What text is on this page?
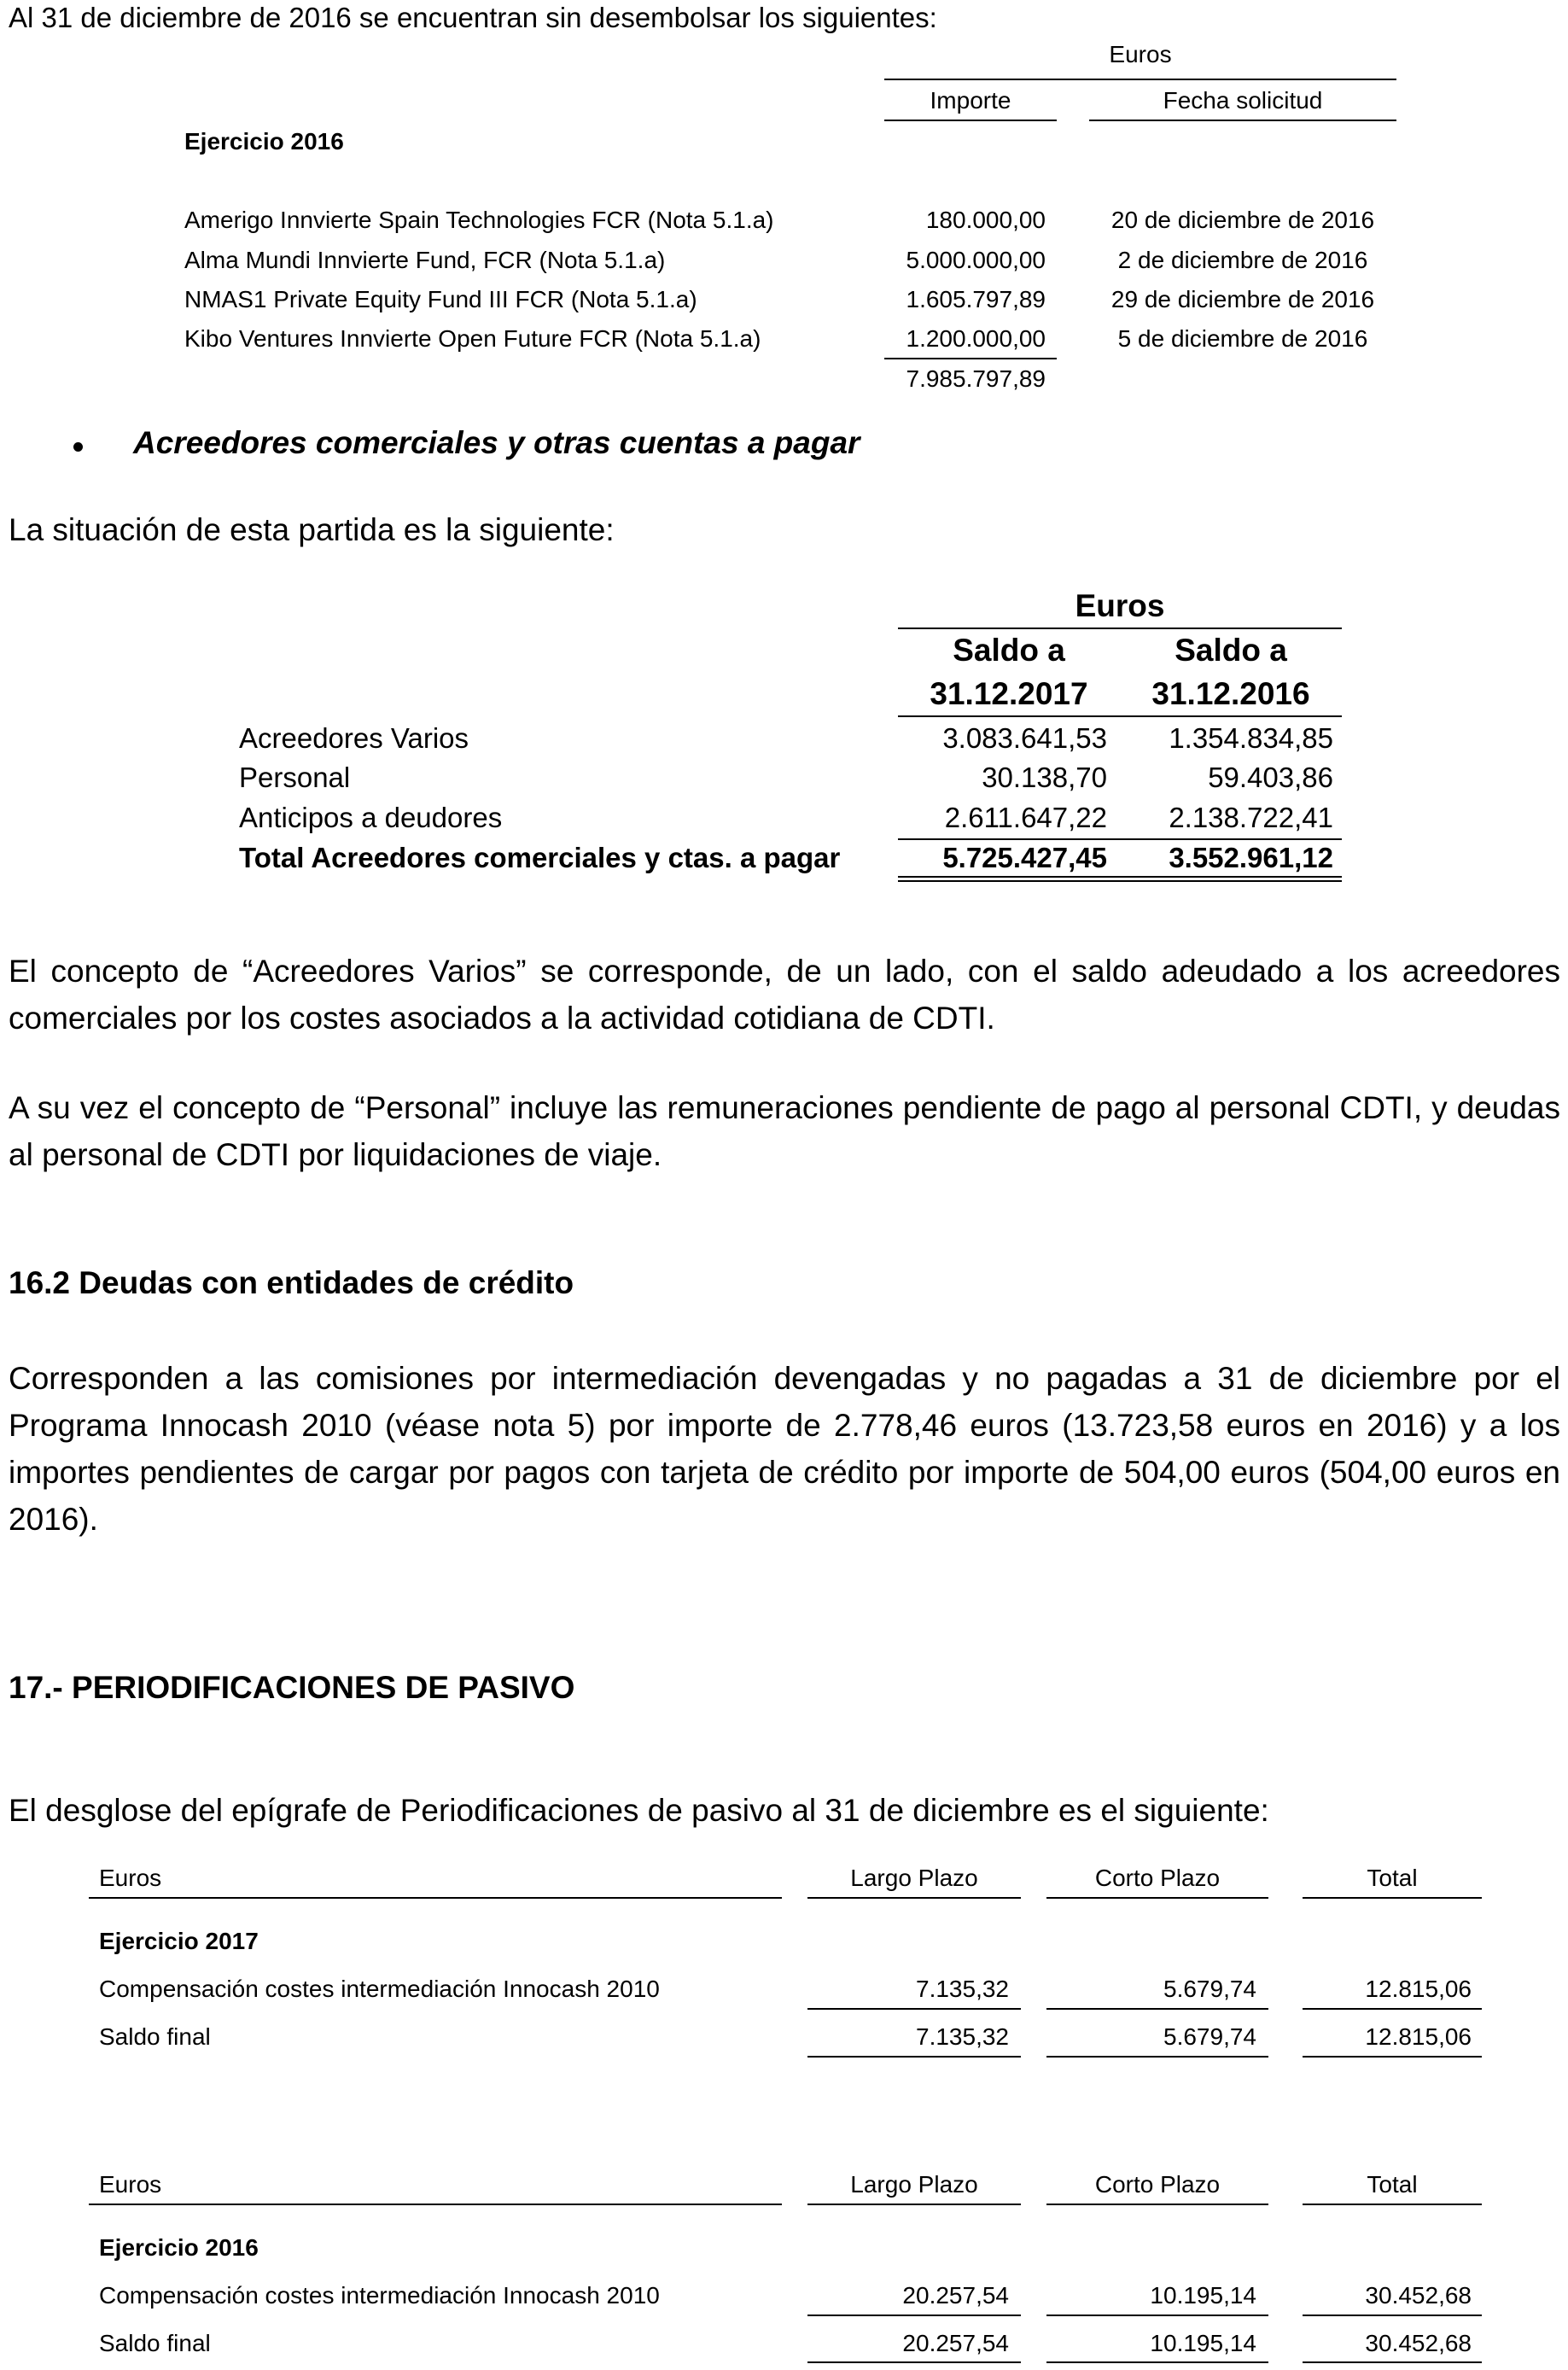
Al 31 de diciembre de 2016 se encuentran sin desembolsar los siguientes:
Euros
Importe	Fecha solicitud
Ejercicio 2016
Amerigo Innvierte Spain Technologies FCR (Nota 5.1.a)	180.000,00	20 de diciembre de 2016
Alma Mundi Innvierte Fund, FCR (Nota 5.1.a)	5.000.000,00	2 de diciembre de 2016
NMAS1 Private Equity Fund III FCR (Nota 5.1.a)	1.605.797,89	29 de diciembre de 2016
Kibo Ventures Innvierte Open Future FCR (Nota 5.1.a)	1.200.000,00	5 de diciembre de 2016
7.985.797,89
Acreedores comerciales y otras cuentas a pagar
La situación de esta partida es la siguiente:
Euros
Saldo a	Saldo a
31.12.2017	31.12.2016
Acreedores Varios	3.083.641,53	1.354.834,85
Personal	30.138,70	59.403,86
Anticipos a deudores	2.611.647,22	2.138.722,41
Total Acreedores comerciales y ctas. a pagar	5.725.427,45	3.552.961,12
El concepto de “Acreedores Varios” se corresponde, de un lado, con el saldo adeudado a los acreedores comerciales por los costes asociados a la actividad cotidiana de CDTI.
A su vez el concepto de “Personal” incluye las remuneraciones pendiente de pago al personal CDTI, y deudas al personal de CDTI por liquidaciones de viaje.
16.2 Deudas con entidades de crédito
Corresponden a las comisiones por intermediación devengadas y no pagadas a 31 de diciembre por el Programa Innocash 2010 (véase nota 5) por importe de 2.778,46 euros (13.723,58 euros en 2016) y a los importes pendientes de cargar por pagos con tarjeta de crédito por importe de 504,00 euros (504,00 euros en 2016).
17.- PERIODIFICACIONES DE PASIVO
El desglose del epígrafe de Periodificaciones de pasivo al 31 de diciembre es el siguiente:
Euros	Largo Plazo	Corto Plazo	Total
Ejercicio 2017
Compensación costes intermediación Innocash 2010	7.135,32	5.679,74	12.815,06
Saldo final	7.135,32	5.679,74	12.815,06
Euros	Largo Plazo	Corto Plazo	Total
Ejercicio 2016
Compensación costes intermediación Innocash 2010	20.257,54	10.195,14	30.452,68
Saldo final	20.257,54	10.195,14	30.452,68
